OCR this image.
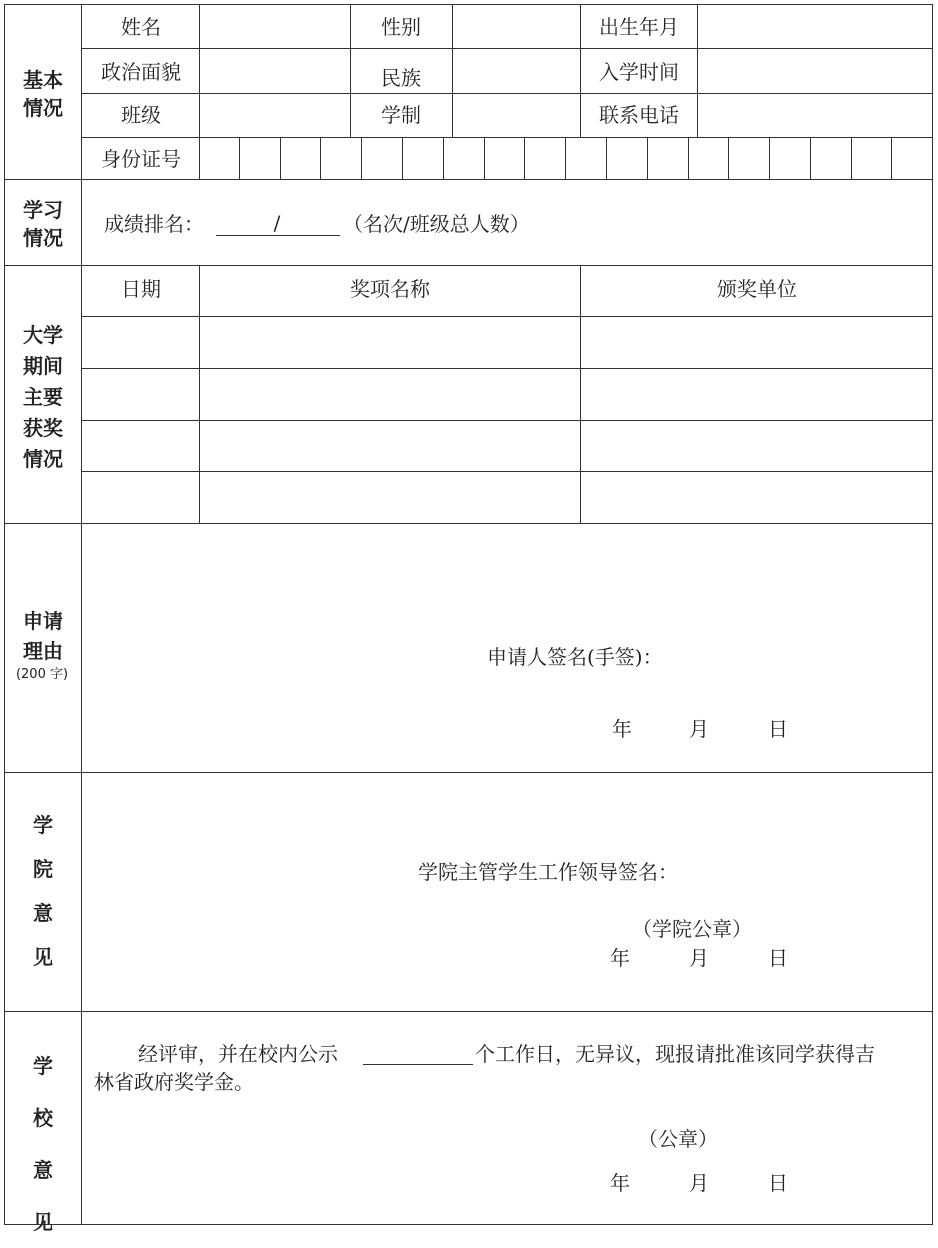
基本
情况
姓名	性别	出生年月
政治面貌	民族	入学时间
班级	学制	联系电话
身份证号
学习
情况
成绩排名：	/	（名次/班级总人数）
大学
期间
主要
获奖
情况
日期	奖项名称	颁奖单位
申请
理由
(200 字)
申请人签名(手签)：
年	月	日
学
院
意
见
学院主管学生工作领导签名：
（学院公章）
年	月	日
学
校
意
见
经评审，并在校内公示	个工作日，无异议，现报请批准该同学获得吉
林省政府奖学金。
（公章）
年	月	日
